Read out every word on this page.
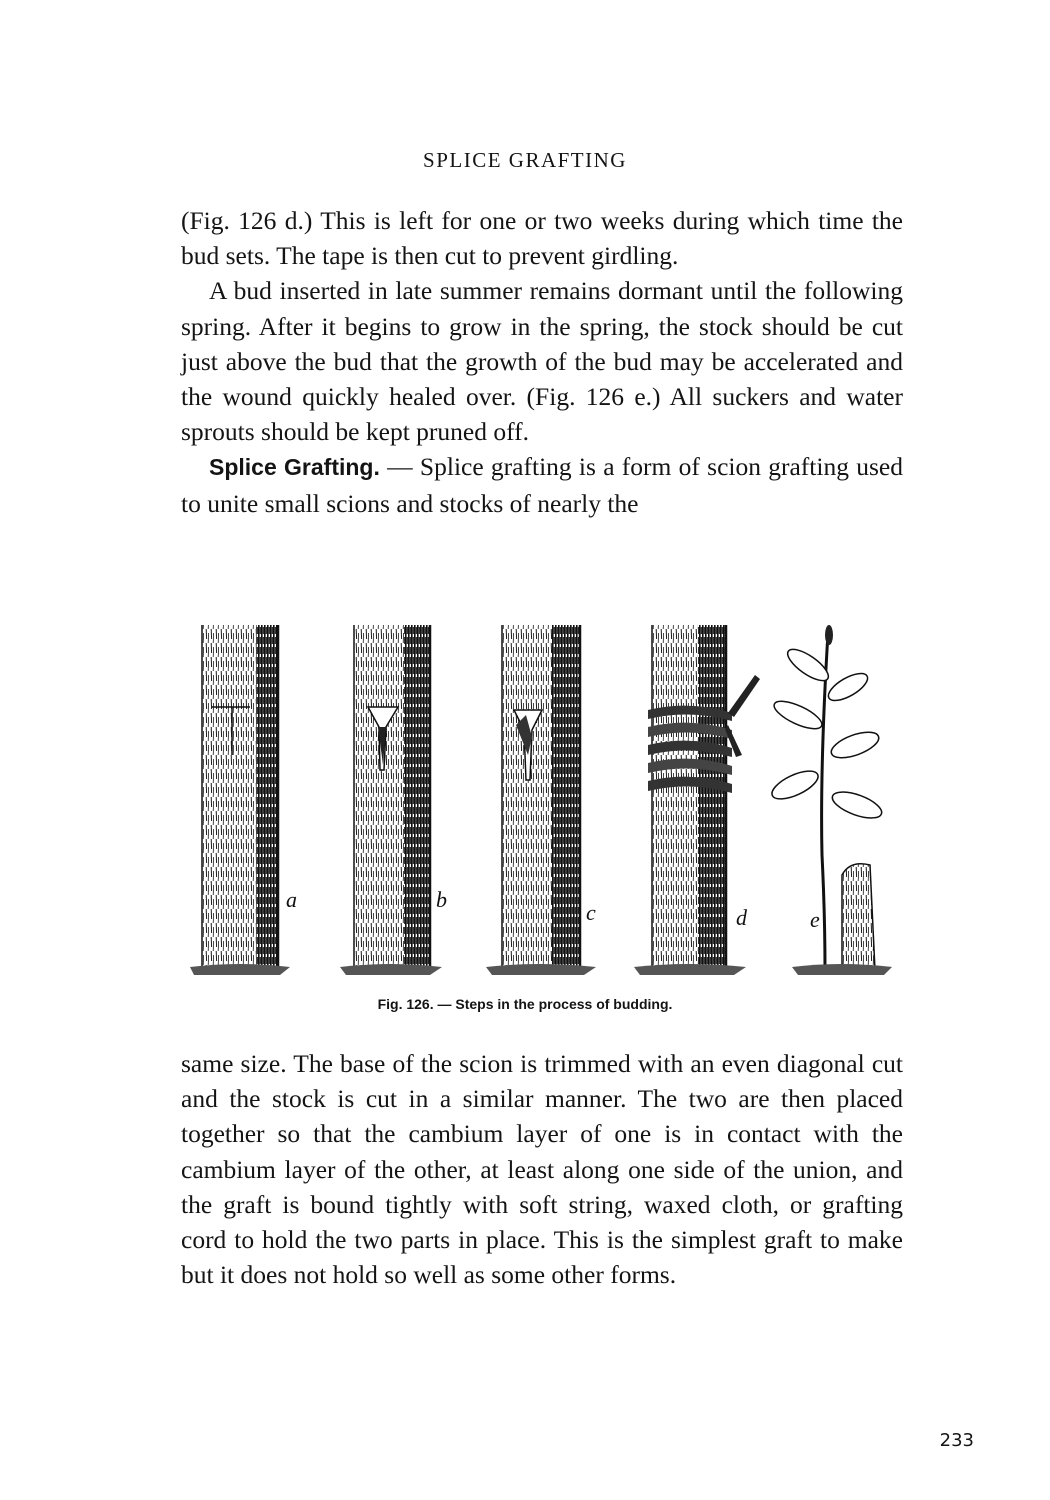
SPLICE GRAFTING

(Fig. 126 d.) This is left for one or two weeks during which time the bud sets. The tape is then cut to prevent girdling.

A bud inserted in late summer remains dormant until the following spring. After it begins to grow in the spring, the stock should be cut just above the bud that the growth of the bud may be accelerated and the wound quickly healed over. (Fig. 126 e.) All suckers and water sprouts should be kept pruned off.

Splice Grafting. — Splice grafting is a form of scion grafting used to unite small scions and stocks of nearly the

a	b
c	d	e
Fig. 126. — Steps in the process of budding.

same size. The base of the scion is trimmed with an even diagonal cut and the stock is cut in a similar manner. The two are then placed together so that the cambium layer of one is in contact with the cambium layer of the other, at least along one side of the union, and the graft is bound tightly with soft string, waxed cloth, or grafting cord to hold the two parts in place. This is the simplest graft to make but it does not hold so well as some other forms.

233
